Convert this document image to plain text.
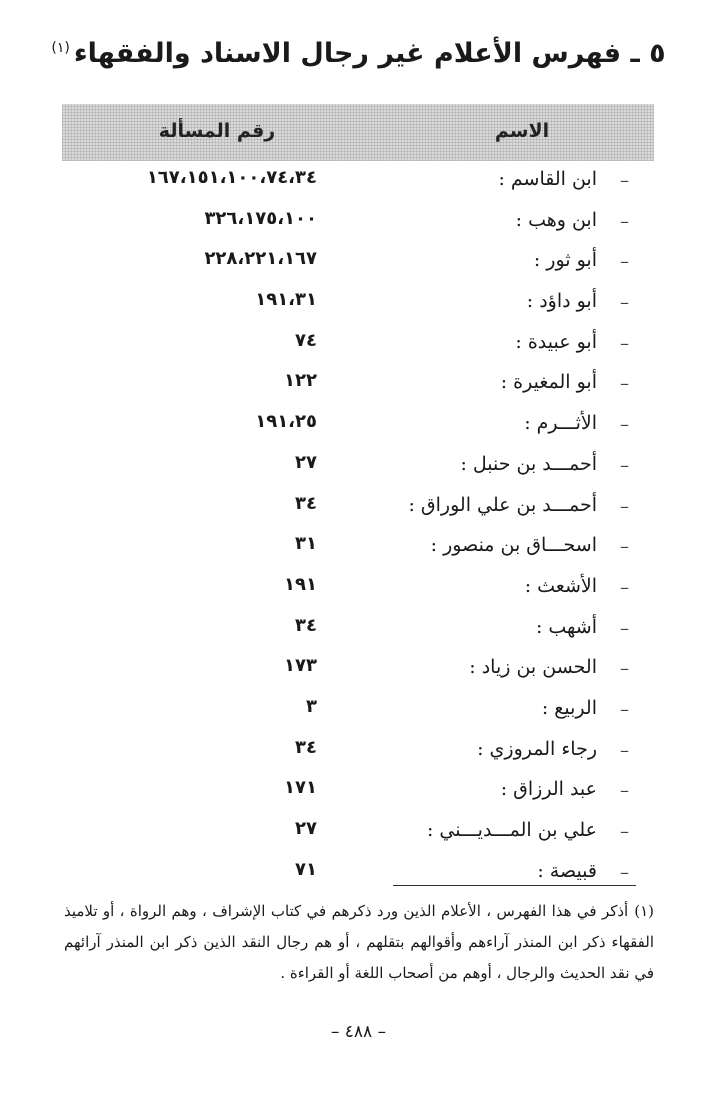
٥ ـ فهرس الأعلام غير رجال الاسناد والفقهاء$^{(١)}$
الاسم
رقم المسألة
–
ابن القاسم :
١٦٧،١٥١،١٠٠،٧٤،٣٤
–
ابن وهب :
٣٢٦،١٧٥،١٠٠
–
أبو ثور :
٢٢٨،٢٢١،١٦٧
–
أبو داؤد :
١٩١،٣١
–
أبو عبيدة :
٧٤
–
أبو المغيرة :
١٢٢
–
الأثـــرم :
١٩١،٢٥
–
أحمـــد بن حنبل :
٢٧
–
أحمـــد بن علي الوراق :
٣٤
–
اسحـــاق بن منصور :
٣١
–
الأشعث :
١٩١
–
أشهب :
٣٤
–
الحسن بن زياد :
١٧٣
–
الربيع :
٣
–
رجاء المروزي :
٣٤
–
عبد الرزاق :
١٧١
–
علي بن المـــديـــني :
٢٧
–
قبيصة :
٧١
(١)أذكر في هذا الفهرس ، الأعلام الذين ورد ذكرهم في كتاب الإشراف ، وهم الرواة ، أو تلاميذ الفقهاء ذكر ابن المنذر آراءهم وأقوالهم بتقلهم ، أو هم رجال النقد الذين ذكر ابن المنذر آرائهم في نقد الحديث والرجال ، أوهم من أصحاب اللغة أو القراءة .
– ٤٨٨ –
